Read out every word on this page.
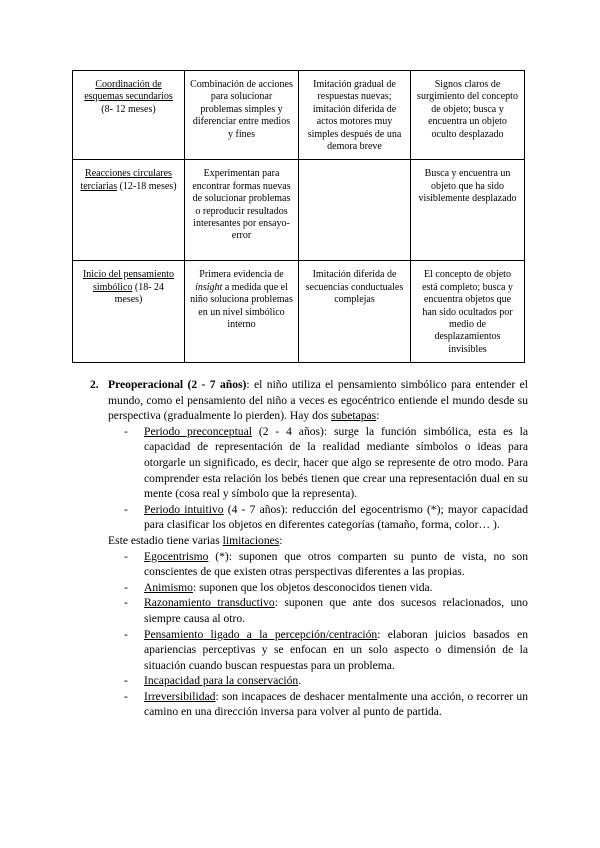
Coordinación de esquemas secundarios (8- 12 meses)	Combinación de acciones para solucionar problemas simples y diferenciar entre medios y fines	Imitación gradual de respuestas nuevas; imitación diferida de actos motores muy simples después de una demora breve	Signos claros de surgimiento del concepto de objeto; busca y encuentra un objeto oculto desplazado
Reacciones circulares terciarias (12-18 meses)	Experimentan para encontrar formas nuevas de solucionar problemas o reproducir resultados interesantes por ensayo-error		Busca y encuentra un objeto que ha sido visiblemente desplazado
Inicio del pensamiento simbólico (18- 24 meses)	Primera evidencia de insight a medida que el niño soluciona problemas en un nivel simbólico interno	Imitación diferida de secuencias conductuales complejas	El concepto de objeto está completo; busca y encuentra objetos que han sido ocultados por medio de desplazamientos invisibles

2. Preoperacional (2 - 7 años): el niño utiliza el pensamiento simbólico para entender el mundo, como el pensamiento del niño a veces es egocéntrico entiende el mundo desde su perspectiva (gradualmente lo pierden). Hay dos subetapas:

- Periodo preconceptual (2 - 4 años): surge la función simbólica, esta es la capacidad de representación de la realidad mediante símbolos o ideas para otorgarle un significado, es decir, hacer que algo se represente de otro modo. Para comprender esta relación los bebés tienen que crear una representación dual en su mente (cosa real y símbolo que la representa).
- Periodo intuitivo (4 - 7 años): reducción del egocentrismo (*); mayor capacidad para clasificar los objetos en diferentes categorías (tamaño, forma, color… ).

Este estadio tiene varias limitaciones:

- Egocentrismo (*): suponen que otros comparten su punto de vista, no son conscientes de que existen otras perspectivas diferentes a las propias.
- Animismo: suponen que los objetos desconocidos tienen vida.
- Razonamiento transductivo: suponen que ante dos sucesos relacionados, uno siempre causa al otro.
- Pensamiento ligado a la percepción/centración: elaboran juicios basados en apariencias perceptivas y se enfocan en un solo aspecto o dimensión de la situación cuando buscan respuestas para un problema.
- Incapacidad para la conservación.
- Irreversibilidad: son incapaces de deshacer mentalmente una acción, o recorrer un camino en una dirección inversa para volver al punto de partida.
